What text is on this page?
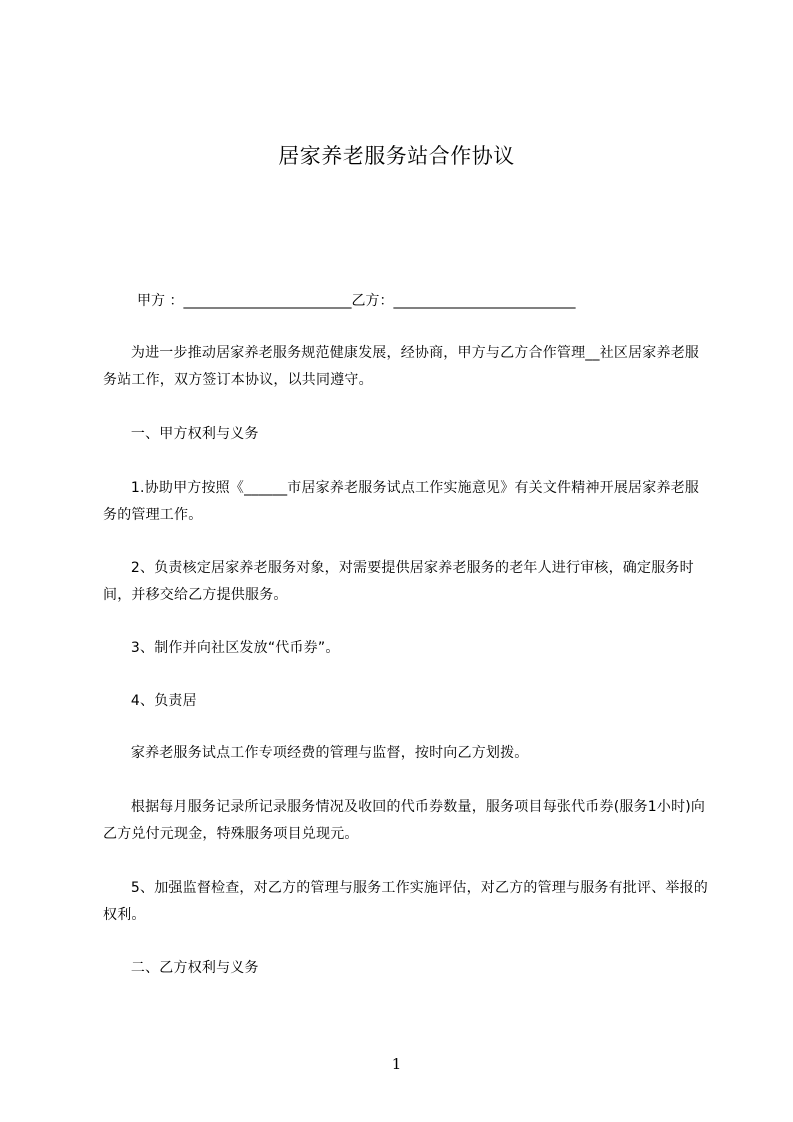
居家养老服务站合作协议
甲方 ：________________________乙方：__________________________
为进一步推动居家养老服务规范健康发展，经协商，甲方与乙方合作管理__社区居家养老服务站工作，双方签订本协议，以共同遵守。
一、甲方权利与义务
1.协助甲方按照《______市居家养老服务试点工作实施意见》有关文件精神开展居家养老服务的管理工作。
2、负责核定居家养老服务对象，对需要提供居家养老服务的老年人进行审核，确定服务时间，并移交给乙方提供服务。
3、制作并向社区发放“代币券”。
4、负责居
家养老服务试点工作专项经费的管理与监督，按时向乙方划拨。
根据每月服务记录所记录服务情况及收回的代币券数量，服务项目每张代币券(服务1小时)向乙方兑付元现金，特殊服务项目兑现元。
5、加强监督检查，对乙方的管理与服务工作实施评估，对乙方的管理与服务有批评、举报的权利。
二、乙方权利与义务
1
